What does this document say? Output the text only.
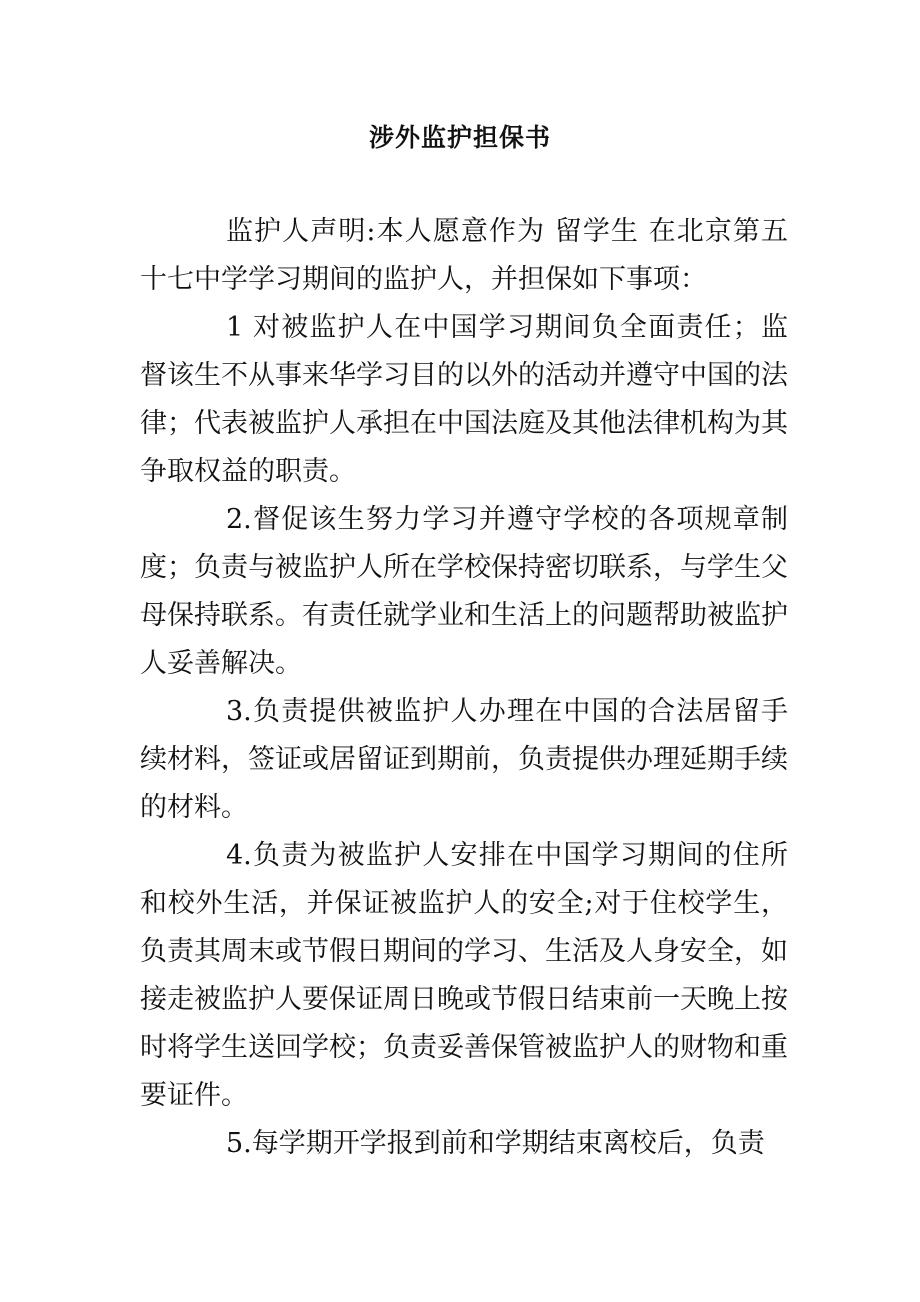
涉外监护担保书

监护人声明:本人愿意作为 留学生 在北京第五十七中学学习期间的监护人，并担保如下事项：

1 对被监护人在中国学习期间负全面责任；监督该生不从事来华学习目的以外的活动并遵守中国的法律；代表被监护人承担在中国法庭及其他法律机构为其争取权益的职责。

2.督促该生努力学习并遵守学校的各项规章制度；负责与被监护人所在学校保持密切联系，与学生父母保持联系。有责任就学业和生活上的问题帮助被监护人妥善解决。

3.负责提供被监护人办理在中国的合法居留手续材料，签证或居留证到期前，负责提供办理延期手续的材料。

4.负责为被监护人安排在中国学习期间的住所和校外生活，并保证被监护人的安全;对于住校学生，负责其周末或节假日期间的学习、生活及人身安全，如接走被监护人要保证周日晚或节假日结束前一天晚上按时将学生送回学校；负责妥善保管被监护人的财物和重要证件。

5.每学期开学报到前和学期结束离校后，负责
